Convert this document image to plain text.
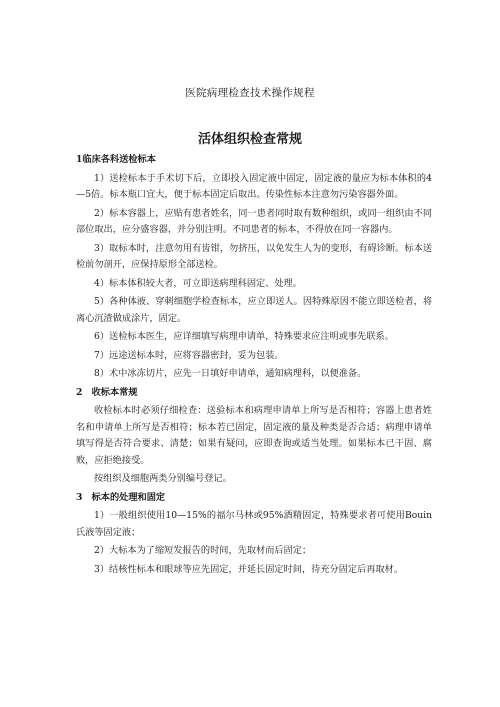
医院病理检查技术操作规程
活体组织检查常规

1临床各科送检标本

1）送检标本于手术切下后，立即投入固定液中固定，固定液的量应为标本体积的4—5倍。标本瓶口宜大，便于标本固定后取出。传染性标本注意勿污染容器外面。

2）标本容器上，应贴有患者姓名，同一患者同时取有数种组织，或同一组织由不同部位取出，应分盛容器，并分别注明。不同患者的标本，不得放在同一容器内。

3）取标本时，注意勿用有齿钳，勿挤压，以免发生人为的变形，有碍诊断。标本送检前勿剖开，应保持原形全部送检。

4）标本体积较大者，可立即送病理科固定、处理。

5）各种体液、穿刺细胞学检查标本，应立即送人。因特殊原因不能立即送检者，将离心沉渣做成涂片，固定。

6）送检标本医生，应详细填写病理申请单，特殊要求应注明或事先联系。

7）远途送标本时，应将容器密封，妥为包装。

8）术中冰冻切片，应先一日填好申请单，通知病理科，以便准备。

2　收标本常规

收检标本时必须仔细检查：送验标本和病理申请单上所写是否相符；容器上患者姓名和申请单上所写是否相符；标本若已固定，固定液的量及种类是否合适；病理申请单填写得是否符合要求、清楚；如果有疑问，应即查询或适当处理。如果标本已干固、腐败，应拒绝接受。

按组织及细胞两类分别编号登记。

3　标本的处理和固定

1）一般组织使用10—15%的福尔马林或95%酒精固定，特殊要求者可使用Bouin氏液等固定液；

2）大标本为了缩短发报告的时间，先取材而后固定；

3）结核性标本和眼球等应先固定，并延长固定时间，待充分固定后再取材。
